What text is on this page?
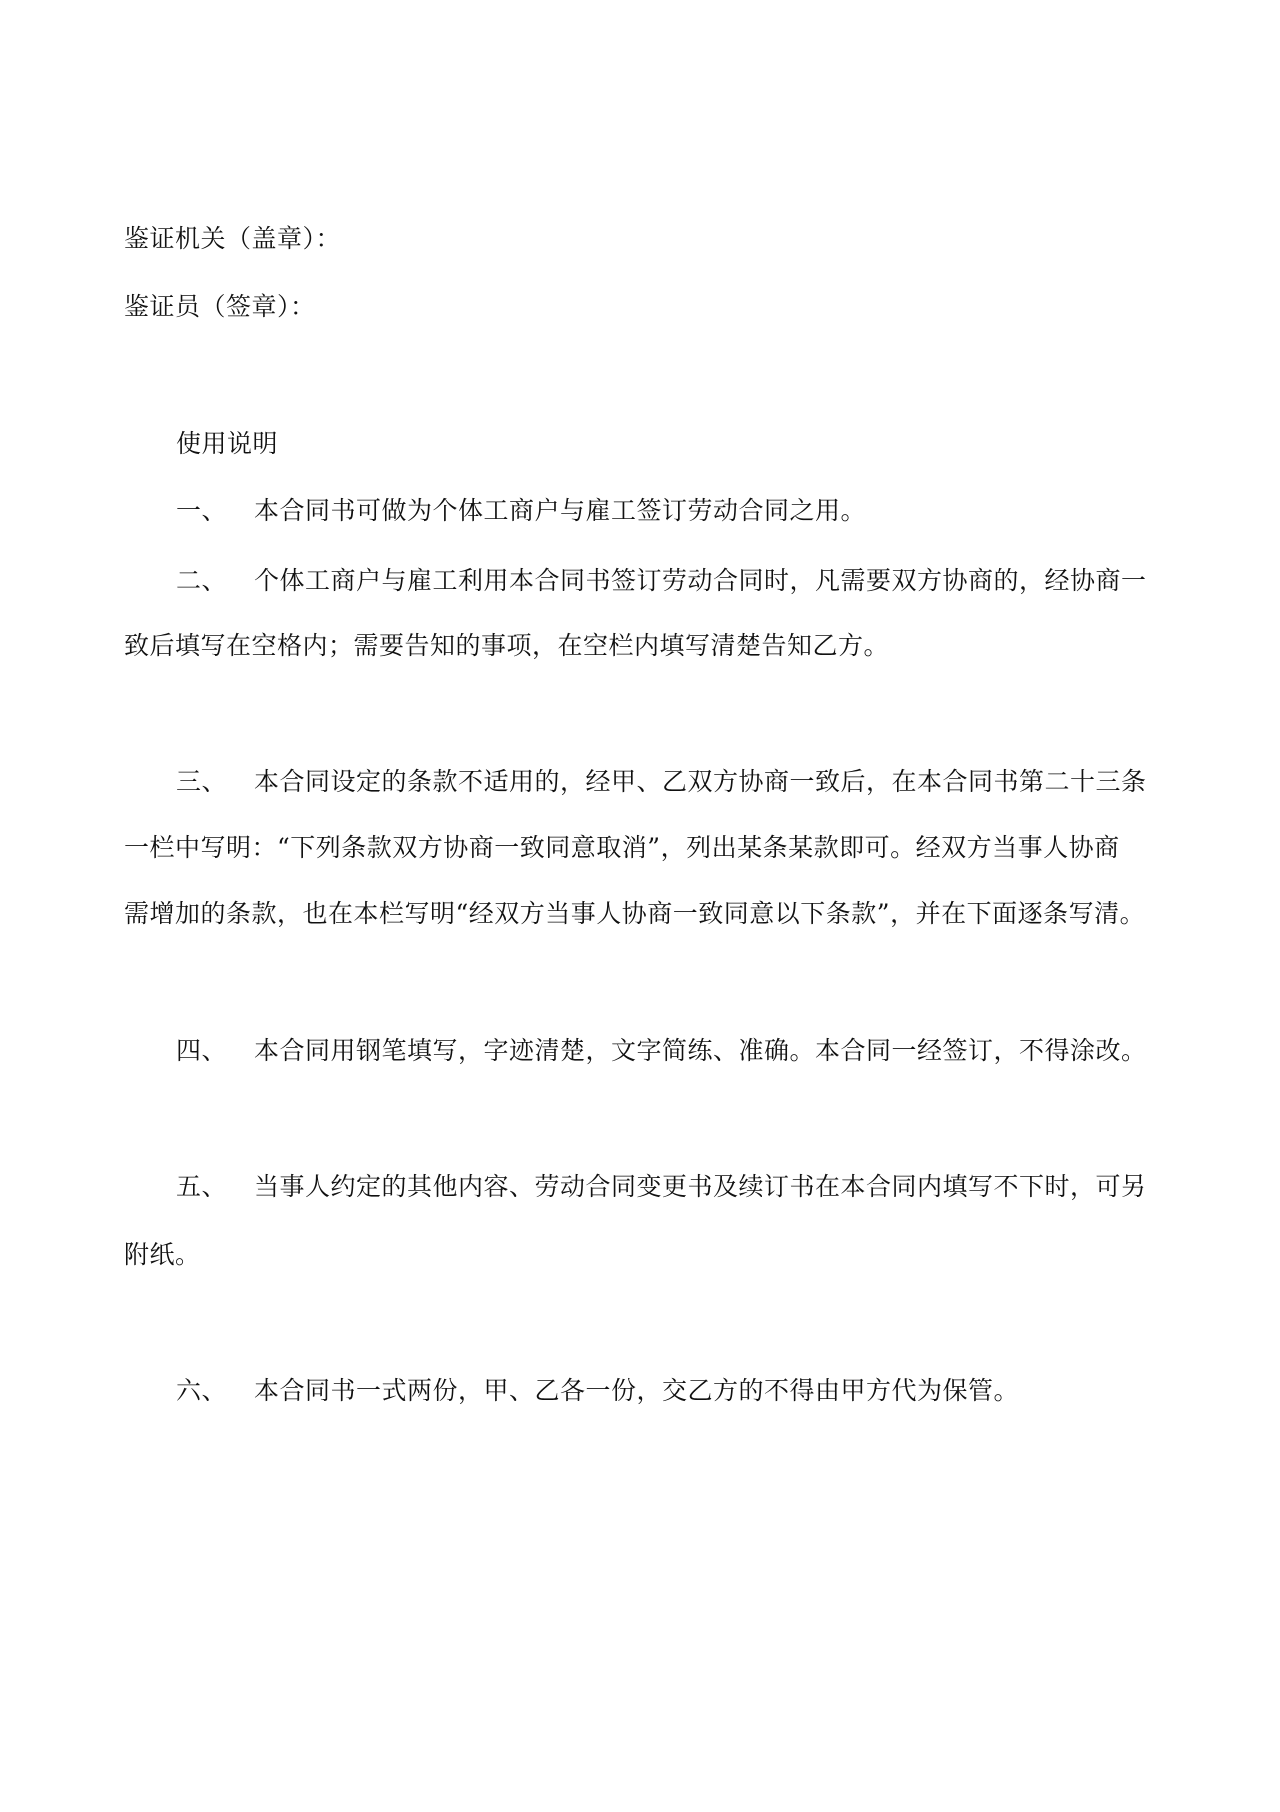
鉴证机关（盖章）：
鉴证员（签章）：
使用说明
一、 本合同书可做为个体工商户与雇工签订劳动合同之用。
二、 个体工商户与雇工利用本合同书签订劳动合同时，凡需要双方协商的，经协商一
致后填写在空格内；需要告知的事项，在空栏内填写清楚告知乙方。
三、 本合同设定的条款不适用的，经甲、乙双方协商一致后，在本合同书第二十三条
一栏中写明：“下列条款双方协商一致同意取消”，列出某条某款即可。经双方当事人协商
需增加的条款，也在本栏写明“经双方当事人协商一致同意以下条款”，并在下面逐条写清。
四、 本合同用钢笔填写，字迹清楚，文字简练、准确。本合同一经签订，不得涂改。
五、 当事人约定的其他内容、劳动合同变更书及续订书在本合同内填写不下时，可另
附纸。
六、 本合同书一式两份，甲、乙各一份，交乙方的不得由甲方代为保管。
